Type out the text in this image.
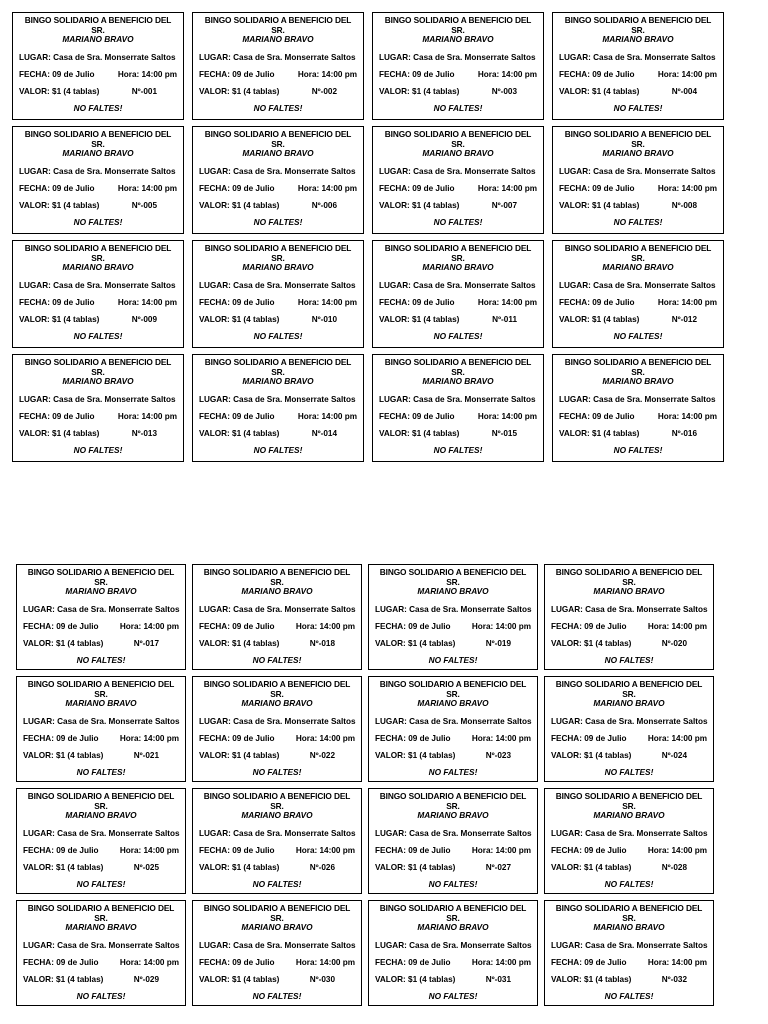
BINGO SOLIDARIO A BENEFICIO DEL SR.
MARIANO BRAVO
LUGAR: Casa de Sra. Monserrate Saltos
FECHA: 09 de Julio	Hora: 14:00 pm
VALOR: $1 (4 tablas)	Nº-001
NO FALTES!
BINGO SOLIDARIO A BENEFICIO DEL SR.
MARIANO BRAVO
LUGAR: Casa de Sra. Monserrate Saltos
FECHA: 09 de Julio	Hora: 14:00 pm
VALOR: $1 (4 tablas)	Nº-002
NO FALTES!
BINGO SOLIDARIO A BENEFICIO DEL SR.
MARIANO BRAVO
LUGAR: Casa de Sra. Monserrate Saltos
FECHA: 09 de Julio	Hora: 14:00 pm
VALOR: $1 (4 tablas)	Nº-003
NO FALTES!
BINGO SOLIDARIO A BENEFICIO DEL SR.
MARIANO BRAVO
LUGAR: Casa de Sra. Monserrate Saltos
FECHA: 09 de Julio	Hora: 14:00 pm
VALOR: $1 (4 tablas)	Nº-004
NO FALTES!
BINGO SOLIDARIO A BENEFICIO DEL SR.
MARIANO BRAVO
LUGAR: Casa de Sra. Monserrate Saltos
FECHA: 09 de Julio	Hora: 14:00 pm
VALOR: $1 (4 tablas)	Nº-005
NO FALTES!
BINGO SOLIDARIO A BENEFICIO DEL SR.
MARIANO BRAVO
LUGAR: Casa de Sra. Monserrate Saltos
FECHA: 09 de Julio	Hora: 14:00 pm
VALOR: $1 (4 tablas)	Nº-006
NO FALTES!
BINGO SOLIDARIO A BENEFICIO DEL SR.
MARIANO BRAVO
LUGAR: Casa de Sra. Monserrate Saltos
FECHA: 09 de Julio	Hora: 14:00 pm
VALOR: $1 (4 tablas)	Nº-007
NO FALTES!
BINGO SOLIDARIO A BENEFICIO DEL SR.
MARIANO BRAVO
LUGAR: Casa de Sra. Monserrate Saltos
FECHA: 09 de Julio	Hora: 14:00 pm
VALOR: $1 (4 tablas)	Nº-008
NO FALTES!
BINGO SOLIDARIO A BENEFICIO DEL SR.
MARIANO BRAVO
LUGAR: Casa de Sra. Monserrate Saltos
FECHA: 09 de Julio	Hora: 14:00 pm
VALOR: $1 (4 tablas)	Nº-009
NO FALTES!
BINGO SOLIDARIO A BENEFICIO DEL SR.
MARIANO BRAVO
LUGAR: Casa de Sra. Monserrate Saltos
FECHA: 09 de Julio	Hora: 14:00 pm
VALOR: $1 (4 tablas)	Nº-010
NO FALTES!
BINGO SOLIDARIO A BENEFICIO DEL SR.
MARIANO BRAVO
LUGAR: Casa de Sra. Monserrate Saltos
FECHA: 09 de Julio	Hora: 14:00 pm
VALOR: $1 (4 tablas)	Nº-011
NO FALTES!
BINGO SOLIDARIO A BENEFICIO DEL SR.
MARIANO BRAVO
LUGAR: Casa de Sra. Monserrate Saltos
FECHA: 09 de Julio	Hora: 14:00 pm
VALOR: $1 (4 tablas)	Nº-012
NO FALTES!
BINGO SOLIDARIO A BENEFICIO DEL SR.
MARIANO BRAVO
LUGAR: Casa de Sra. Monserrate Saltos
FECHA: 09 de Julio	Hora: 14:00 pm
VALOR: $1 (4 tablas)	Nº-013
NO FALTES!
BINGO SOLIDARIO A BENEFICIO DEL SR.
MARIANO BRAVO
LUGAR: Casa de Sra. Monserrate Saltos
FECHA: 09 de Julio	Hora: 14:00 pm
VALOR: $1 (4 tablas)	Nº-014
NO FALTES!
BINGO SOLIDARIO A BENEFICIO DEL SR.
MARIANO BRAVO
LUGAR: Casa de Sra. Monserrate Saltos
FECHA: 09 de Julio	Hora: 14:00 pm
VALOR: $1 (4 tablas)	Nº-015
NO FALTES!
BINGO SOLIDARIO A BENEFICIO DEL SR.
MARIANO BRAVO
LUGAR: Casa de Sra. Monserrate Saltos
FECHA: 09 de Julio	Hora: 14:00 pm
VALOR: $1 (4 tablas)	Nº-016
NO FALTES!
BINGO SOLIDARIO A BENEFICIO DEL SR.
MARIANO BRAVO
LUGAR: Casa de Sra. Monserrate Saltos
FECHA: 09 de Julio	Hora: 14:00 pm
VALOR: $1 (4 tablas)	Nº-017
NO FALTES!
BINGO SOLIDARIO A BENEFICIO DEL SR.
MARIANO BRAVO
LUGAR: Casa de Sra. Monserrate Saltos
FECHA: 09 de Julio	Hora: 14:00 pm
VALOR: $1 (4 tablas)	Nº-018
NO FALTES!
BINGO SOLIDARIO A BENEFICIO DEL SR.
MARIANO BRAVO
LUGAR: Casa de Sra. Monserrate Saltos
FECHA: 09 de Julio	Hora: 14:00 pm
VALOR: $1 (4 tablas)	Nº-019
NO FALTES!
BINGO SOLIDARIO A BENEFICIO DEL SR.
MARIANO BRAVO
LUGAR: Casa de Sra. Monserrate Saltos
FECHA: 09 de Julio	Hora: 14:00 pm
VALOR: $1 (4 tablas)	Nº-020
NO FALTES!
BINGO SOLIDARIO A BENEFICIO DEL SR.
MARIANO BRAVO
LUGAR: Casa de Sra. Monserrate Saltos
FECHA: 09 de Julio	Hora: 14:00 pm
VALOR: $1 (4 tablas)	Nº-021
NO FALTES!
BINGO SOLIDARIO A BENEFICIO DEL SR.
MARIANO BRAVO
LUGAR: Casa de Sra. Monserrate Saltos
FECHA: 09 de Julio	Hora: 14:00 pm
VALOR: $1 (4 tablas)	Nº-022
NO FALTES!
BINGO SOLIDARIO A BENEFICIO DEL SR.
MARIANO BRAVO
LUGAR: Casa de Sra. Monserrate Saltos
FECHA: 09 de Julio	Hora: 14:00 pm
VALOR: $1 (4 tablas)	Nº-023
NO FALTES!
BINGO SOLIDARIO A BENEFICIO DEL SR.
MARIANO BRAVO
LUGAR: Casa de Sra. Monserrate Saltos
FECHA: 09 de Julio	Hora: 14:00 pm
VALOR: $1 (4 tablas)	Nº-024
NO FALTES!
BINGO SOLIDARIO A BENEFICIO DEL SR.
MARIANO BRAVO
LUGAR: Casa de Sra. Monserrate Saltos
FECHA: 09 de Julio	Hora: 14:00 pm
VALOR: $1 (4 tablas)	Nº-025
NO FALTES!
BINGO SOLIDARIO A BENEFICIO DEL SR.
MARIANO BRAVO
LUGAR: Casa de Sra. Monserrate Saltos
FECHA: 09 de Julio	Hora: 14:00 pm
VALOR: $1 (4 tablas)	Nº-026
NO FALTES!
BINGO SOLIDARIO A BENEFICIO DEL SR.
MARIANO BRAVO
LUGAR: Casa de Sra. Monserrate Saltos
FECHA: 09 de Julio	Hora: 14:00 pm
VALOR: $1 (4 tablas)	Nº-027
NO FALTES!
BINGO SOLIDARIO A BENEFICIO DEL SR.
MARIANO BRAVO
LUGAR: Casa de Sra. Monserrate Saltos
FECHA: 09 de Julio	Hora: 14:00 pm
VALOR: $1 (4 tablas)	Nº-028
NO FALTES!
BINGO SOLIDARIO A BENEFICIO DEL SR.
MARIANO BRAVO
LUGAR: Casa de Sra. Monserrate Saltos
FECHA: 09 de Julio	Hora: 14:00 pm
VALOR: $1 (4 tablas)	Nº-029
NO FALTES!
BINGO SOLIDARIO A BENEFICIO DEL SR.
MARIANO BRAVO
LUGAR: Casa de Sra. Monserrate Saltos
FECHA: 09 de Julio	Hora: 14:00 pm
VALOR: $1 (4 tablas)	Nº-030
NO FALTES!
BINGO SOLIDARIO A BENEFICIO DEL SR.
MARIANO BRAVO
LUGAR: Casa de Sra. Monserrate Saltos
FECHA: 09 de Julio	Hora: 14:00 pm
VALOR: $1 (4 tablas)	Nº-031
NO FALTES!
BINGO SOLIDARIO A BENEFICIO DEL SR.
MARIANO BRAVO
LUGAR: Casa de Sra. Monserrate Saltos
FECHA: 09 de Julio	Hora: 14:00 pm
VALOR: $1 (4 tablas)	Nº-032
NO FALTES!
